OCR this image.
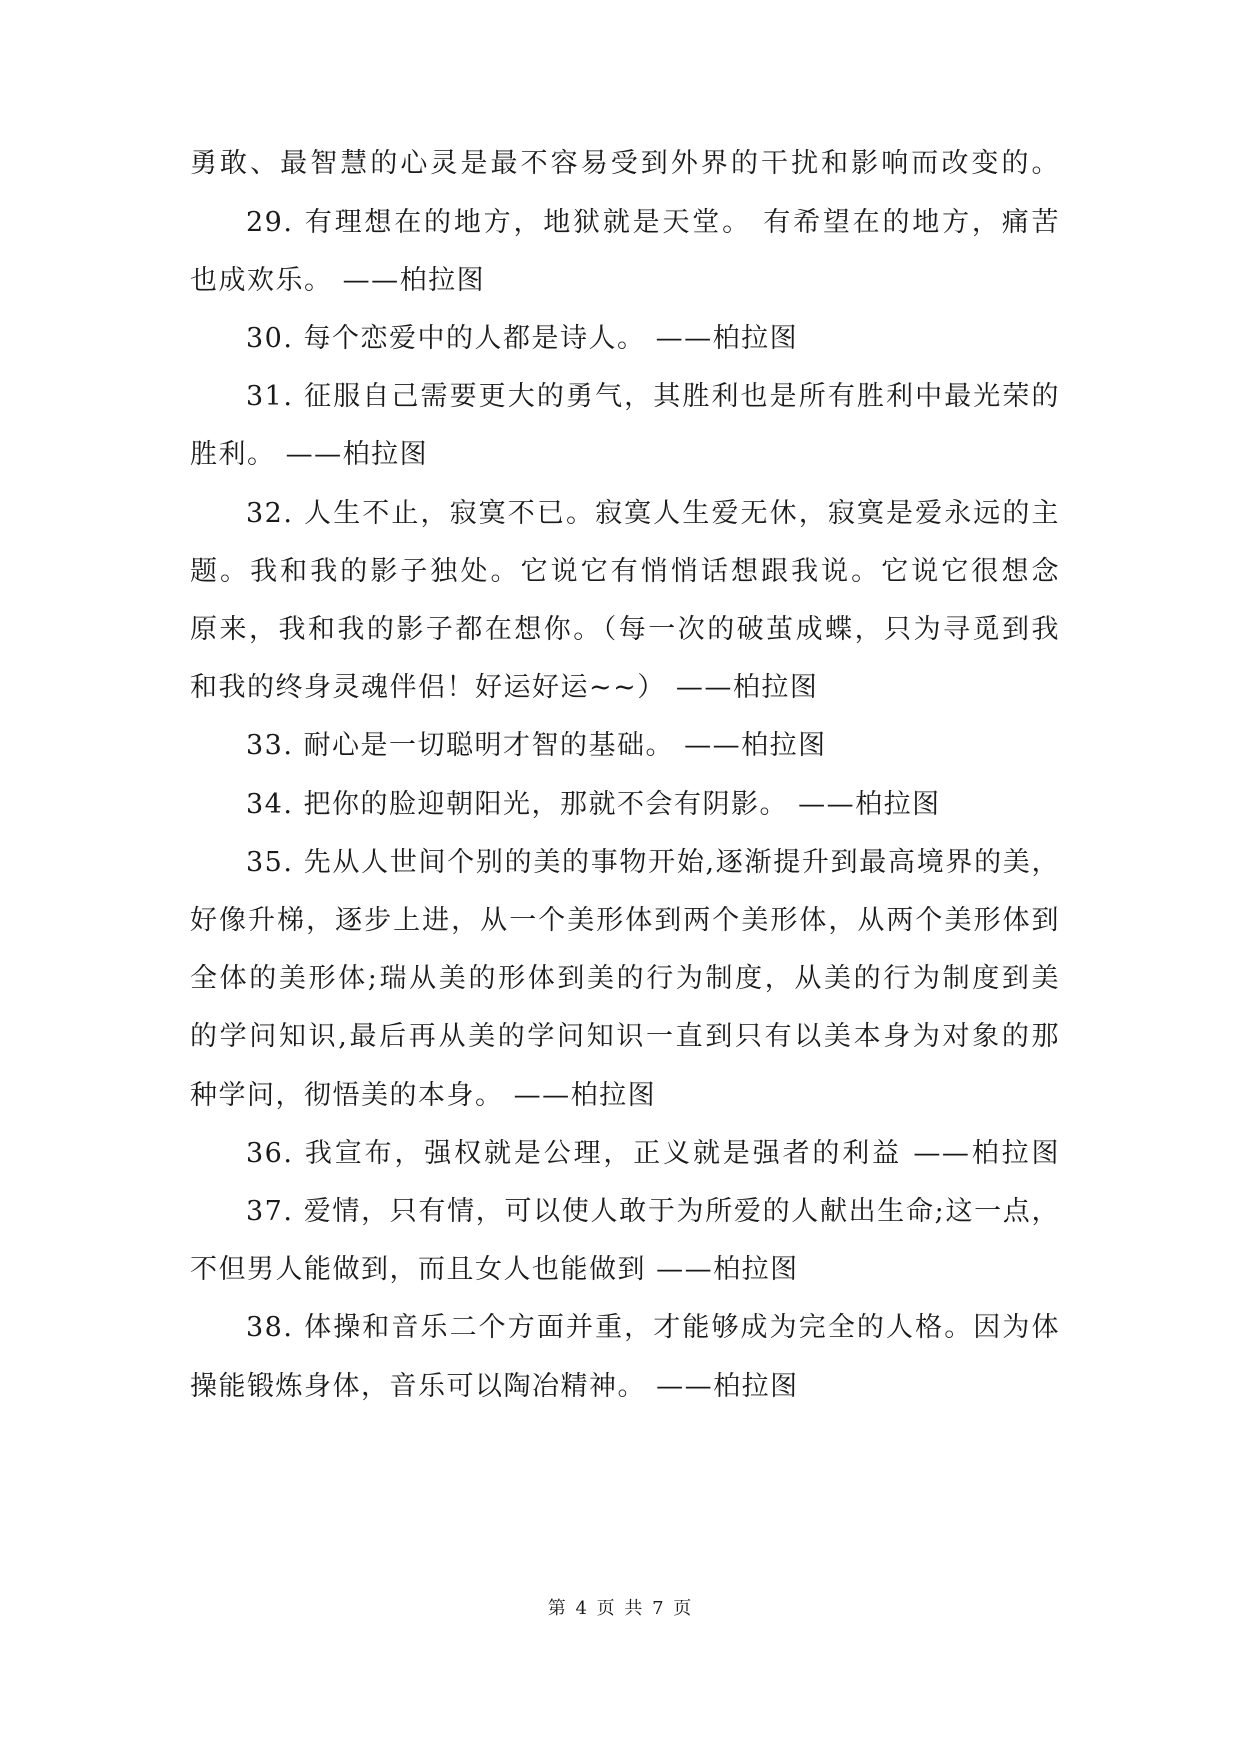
勇敢、最智慧的心灵是最不容易受到外界的干扰和影响而改变的。
29. 有理想在的地方，地狱就是天堂。 有希望在的地方，痛苦
也成欢乐。 ——柏拉图
30. 每个恋爱中的人都是诗人。 ——柏拉图
31. 征服自己需要更大的勇气，其胜利也是所有胜利中最光荣的
胜利。 ——柏拉图
32. 人生不止，寂寞不已。寂寞人生爱无休，寂寞是爱永远的主
题。我和我的影子独处。它说它有悄悄话想跟我说。它说它很想念
原来，我和我的影子都在想你。（每一次的破茧成蝶，只为寻觅到我
和我的终身灵魂伴侣！好运好运~~） ——柏拉图
33. 耐心是一切聪明才智的基础。 ——柏拉图
34. 把你的脸迎朝阳光，那就不会有阴影。 ——柏拉图
35. 先从人世间个别的美的事物开始,逐渐提升到最高境界的美，
好像升梯，逐步上进，从一个美形体到两个美形体，从两个美形体到
全体的美形体;瑞从美的形体到美的行为制度，从美的行为制度到美
的学问知识,最后再从美的学问知识一直到只有以美本身为对象的那
种学问，彻悟美的本身。 ——柏拉图
36. 我宣布，强权就是公理，正义就是强者的利益 ——柏拉图
37. 爱情，只有情，可以使人敢于为所爱的人献出生命;这一点，
不但男人能做到，而且女人也能做到 ——柏拉图
38. 体操和音乐二个方面并重，才能够成为完全的人格。因为体
操能锻炼身体，音乐可以陶冶精神。 ——柏拉图
第 4 页 共 7 页
